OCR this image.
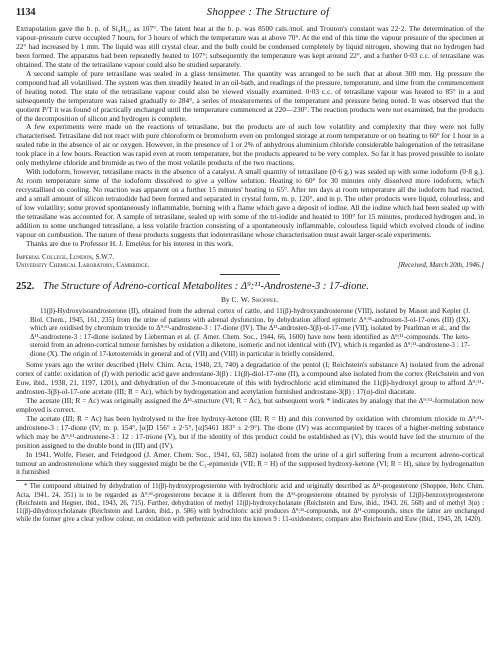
1134	Shoppee : The Structure of

Extrapolation gave the b. p. of Si₄H₁₀ as 107°. The latent heat at the b. p. was 8500 cals./mol. and Trouton's constant was 22·2. The determination of the vapour-pressure curve occupied 7 hours, for 3 hours of which the temperature was at above 70°. At the end of this time the vapour pressure of the specimen at 22° had increased by 1 mm. The liquid was still crystal clear, and the bulb could be condensed completely by liquid nitrogen, showing that no hydrogen had been formed. The apparatus had been repeatedly heated to 107°; subsequently the temperature was kept around 22°, and a further 0·03 c.c. of tetrasilane was obtained. The state of the tetrasilane vapour could also be studied separately.

A second sample of pure tetrasilane was sealed in a glass tensimeter. The quantity was arranged to be such that at about 300 mm. Hg pressure the compound had all volatilised. The system was then steadily heated in an oil-bath, and readings of the pressure, temperature, and time from the commencement of heating noted. The state of the tetrasilane vapour could also be viewed visually examined. 0·03 c.c. of tetrasilane vapour was heated to 85° in a and subsequently the temperature was raised gradually to 284°, a series of measurements of the temperature and pressure being noted. It was observed that the quotient P/T it was found of practically unchanged until the temperature commenced at 220—230°. The reaction products were not examined, but the products of the decomposition of silicon and hydrogen is complete.

A few experiments were made on the reactions of tetrasilane, but the products are of such low volatility and complexity that they were not fully characterised. Tetrasilane did not react with pure chloroform or bromoform even on prolonged storage at room temperature or on heating to 60° for 1 hour in a sealed tube in the absence of air or oxygen. However, in the presence of 1 or 2% of anhydrous aluminium chloride considerable halogenation of the tetrasilane took place in a few hours. Reaction was rapid even at room temperature, but the products appeared to be very complex. So far it has proved possible to isolate only methylene chloride and bromide as two of the most volatile products of the two reactions.

With iodoform, however, tetrasilane reacts in the absence of a catalyst. A small quantity of tetrasilane (0·6 g.) was sealed up with some iodoform (0·8 g.). At room temperature some of the iodoform dissolved to give a yellow solution. Heating to 60° for 30 minutes only dissolved more iodoform, which recrystallised on cooling. No reaction was apparent on a further 15 minutes' heating to 65°. After ten days at room temperature all the iodoform had reacted, and a small amount of silicon tetraiodide had been formed and separated in crystal form, m. p. 120°, and in p. The other products were liquid, colourless, and of low volatility; some proved spontaneously inflammable, burning with a flame which gave a deposit of iodine. All the iodine which had been sealed up with the tetrasilane was accounted for. A sample of tetrasilane, sealed up with some of the tri-iodide and heated to 100° for 15 minutes, produced hydrogen and, in addition to some unchanged tetrasilane, a less volatile fraction consisting of a spontaneously inflammable, colourless liquid which evolved clouds of iodine vapour on combustion. The nature of these products suggests that iodotetrasilane whose characterisation must await larger-scale experiments.

Thanks are due to Professor H. J. Emeléus for his interest in this work.

Imperial College, London, S.W.7.
University Chemical Laboratory, Cambridge.	[Received, March 20th, 1946.]
252. The Structure of Adreno-cortical Metabolites : Δ⁹:¹¹-Androstene-3 : 17-dione.
By C. W. Shoppee.

11(β)-Hydroxyisoandrosterone (II), obtained from the adrenal cortex of cattle, and 11(β)-hydroxyandrosterone (VIII), isolated by Mason and Kepler (J. Biol. Chem., 1945, 161, 235) from the urine of patients with adrenal dysfunction, by dehydration afford epimeric Δ⁹:¹¹-androsten-3-ol-17-ones (III) (IX), which are oxidised by chromium trioxide to Δ⁹:¹¹-androstene-3 : 17-dione (IV). The Δ¹¹-androsten-3(β)-ol-17-one (VII), isolated by Pearlman et al., and the Δ¹¹-androstene-3 : 17-dione isolated by Lieberman et al. (J. Amer. Chem. Soc., 1944, 66, 1600) have now been identified as Δ⁹:¹¹-compounds. The keto-steroid from an adreno-cortical tumour furnishes by oxidation a diketone, isomeric and not identical with (IV), which is regarded as Δ⁹:¹¹-androstene-3 : 17-dione (X). The origin of 17-ketosteroids in general and of (VII) and (VIII) in particular is briefly considered.

Some years ago the writer described (Helv. Chim. Acta, 1940, 23, 740) a degradation of the pentol (I; Reichstein's substance A) isolated from the adrenal cortex of cattle: oxidation of (I) with periodic acid gave androstane-3(β) : 11(β)-diol-17-one (II), a compound also isolated from the cortex (Reichstein and von Euw, ibid., 1938, 21, 1197, 1201), and dehydration of the 3-monoacetate of this with hydrochloric acid eliminated the 11(β)-hydroxyl group to afford Δ⁹:¹¹-androsten-3(β)-ol-17-one acetate (III; R = Ac), which by hydrogenation and acetylation furnished androstane-3(β) : 17(α)-diol diacetate.

The acetate (III; R = Ac) was originally assigned the Δ¹¹-structure (VI; R = Ac), but subsequent work * indicates by analogy that the Δ⁹:¹¹-formulation now employed is correct.

The acetate (III; R = Ac) has been hydrolysed to the free hydroxy-ketone (III; R = H) and this converted by oxidation with chromium trioxide to Δ⁹:¹¹-androstene-3 : 17-dione (IV; m. p. 154°, [α]D 156° ± 2·5°, [α]5461 183° ± 2·9°). The dione (IV) was accompanied by traces of a higher-melting substance which may be Δ⁹:¹¹-androstene-3 : 12 : 17-trione (V), but if the identity of this product could be established as (V), this would have led the structure of the position assigned to the double bond in (III) and (IV).

In 1941, Wolfe, Fieser, and Friedgood (J. Amer. Chem. Soc., 1941, 63, 582) isolated from the urine of a girl suffering from a recurrent adreno-cortical tumour an androstenolone which they suggested might be the C₃-epimeride (VII; R = H) of the supposed hydroxy-ketone (VI; R = H), since by hydrogenation it furnished

* The compound obtained by dehydration of 11(β)-hydroxyprogesterone with hydrochloric acid and originally described as Δ¹¹-progesterone (Shoppee, Helv. Chim. Acta, 1941, 24, 351) is to be regarded as Δ⁹:¹¹-progesterone because it is different from the Δ¹¹-progesterone obtained by pyrolysis of 12(β)-benzoxyprogesterone (Reichstein and Hegner, ibid., 1943, 26, 715). Further, dehydration of methyl 11(β)-hydroxycholanate (Reichstein and Euw, ibid., 1943, 26, 568) and of methyl 3(α) : 11(β)-dihydroxycholanate (Reichstein and Lardon, ibid., p. 586) with hydrochloric acid produces Δ⁹:¹¹-compounds, not Δ¹¹-compounds, since the latter are unchanged while the former give a clear yellow colour, on oxidation with perbenzoic acid into the known 9 : 11-oxidoesters; compare also Reichstein and Euw (ibid., 1945, 28, 1420).
